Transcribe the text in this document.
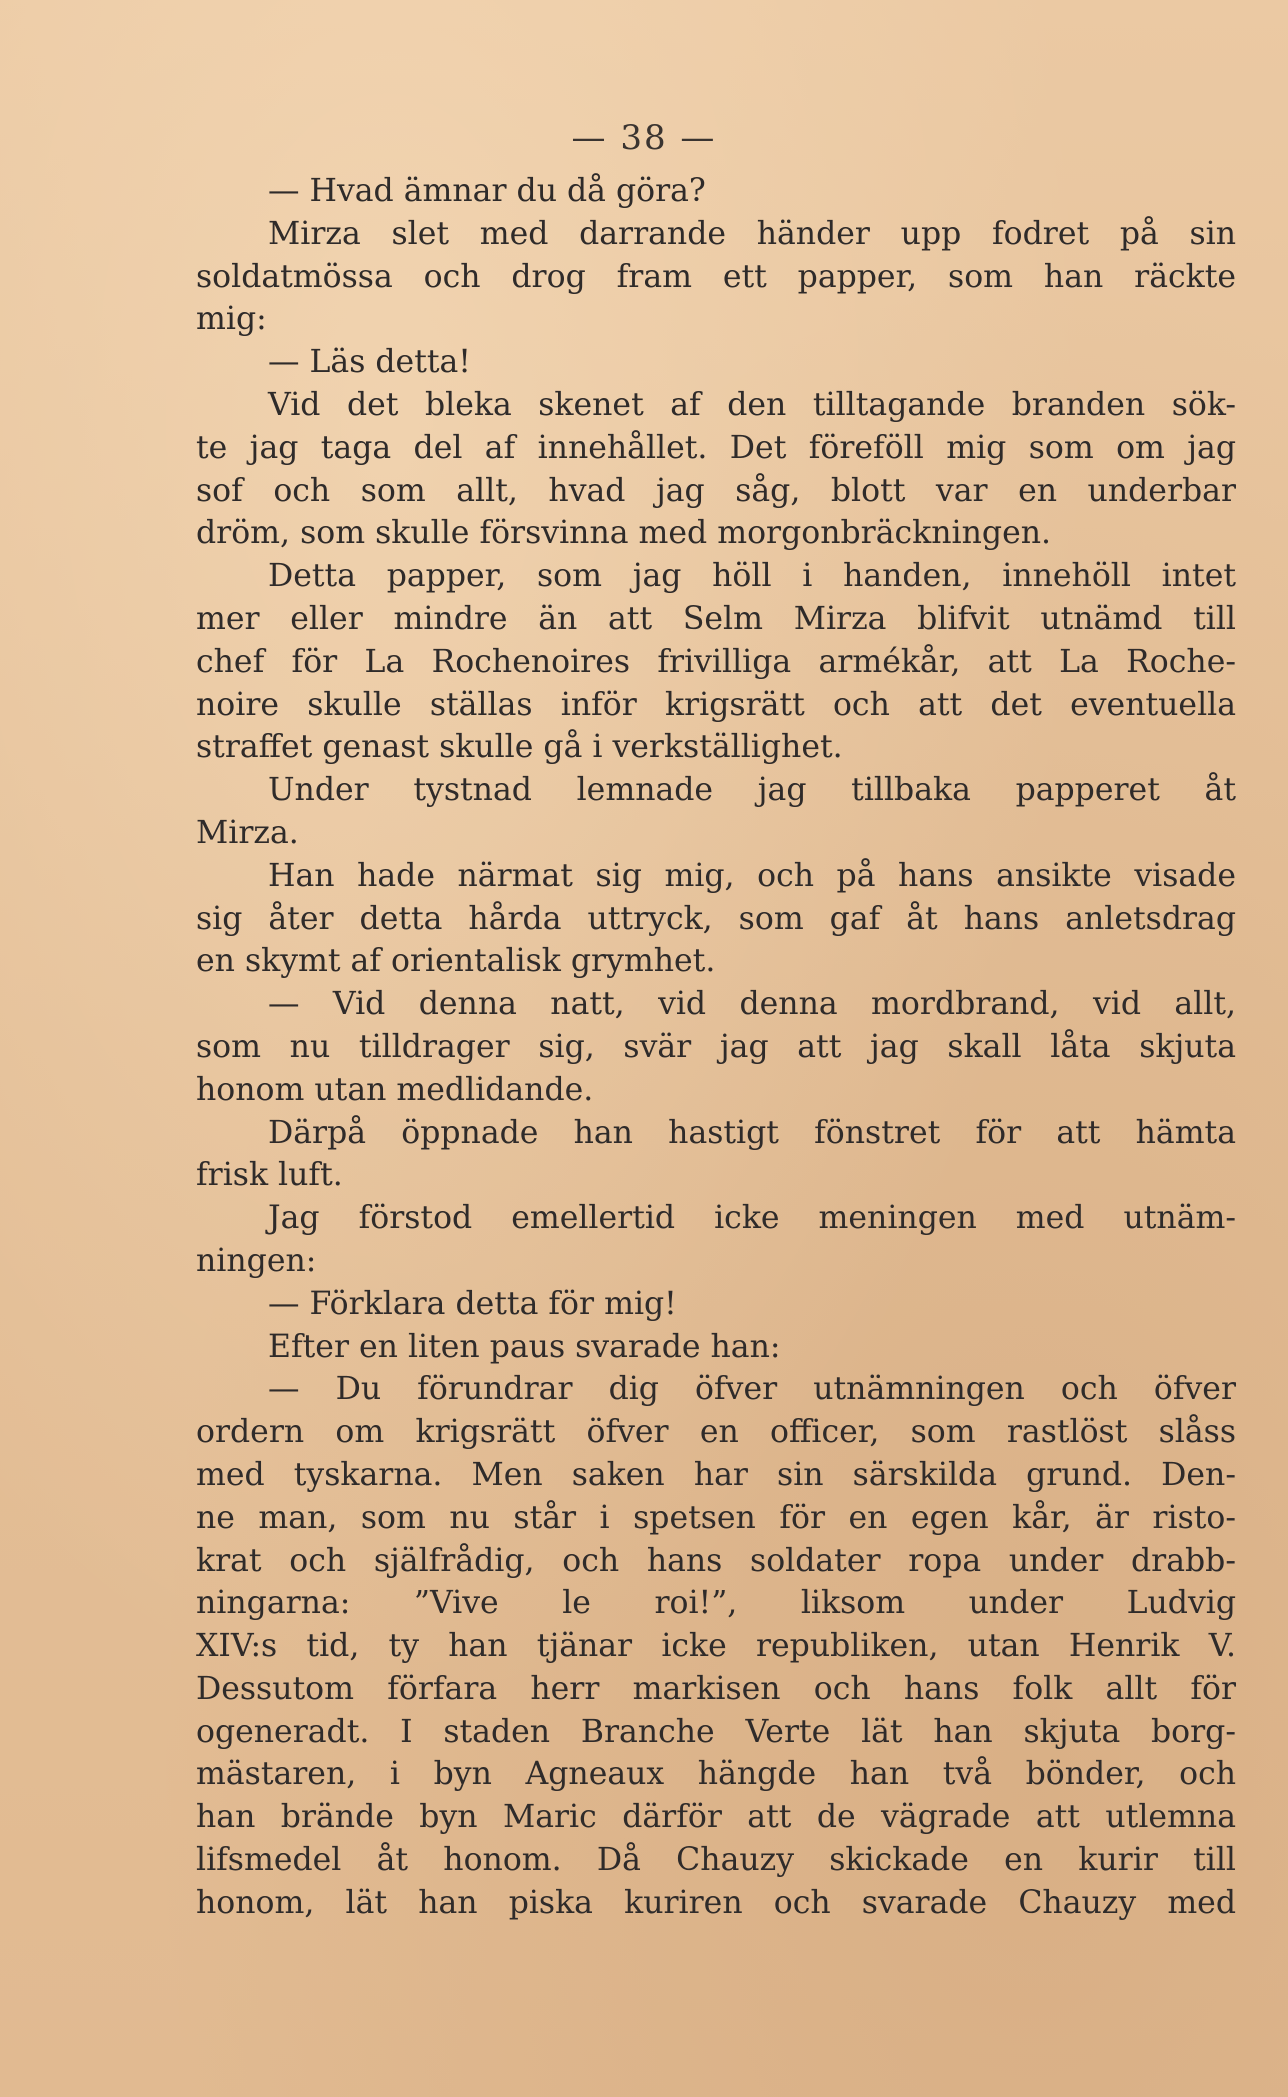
— 38 —
— Hvad ämnar du då göra?
Mirza slet med darrande händer upp fodret på sin
soldatmössa och drog fram ett papper, som han räckte
mig:
— Läs detta!
Vid det bleka skenet af den tilltagande branden sök-
te jag taga del af innehållet. Det föreföll mig som om jag
sof och som allt, hvad jag såg, blott var en underbar
dröm, som skulle försvinna med morgonbräckningen.
Detta papper, som jag höll i handen, innehöll intet
mer eller mindre än att Selm Mirza blifvit utnämd till
chef för La Rochenoires frivilliga armékår, att La Roche-
noire skulle ställas inför krigsrätt och att det eventuella
straffet genast skulle gå i verkställighet.
Under tystnad lemnade jag tillbaka papperet åt
Mirza.
Han hade närmat sig mig, och på hans ansikte visade
sig åter detta hårda uttryck, som gaf åt hans anletsdrag
en skymt af orientalisk grymhet.
— Vid denna natt, vid denna mordbrand, vid allt,
som nu tilldrager sig, svär jag att jag skall låta skjuta
honom utan medlidande.
Därpå öppnade han hastigt fönstret för att hämta
frisk luft.
Jag förstod emellertid icke meningen med utnäm-
ningen:
— Förklara detta för mig!
Efter en liten paus svarade han:
— Du förundrar dig öfver utnämningen och öfver
ordern om krigsrätt öfver en officer, som rastlöst slåss
med tyskarna. Men saken har sin särskilda grund. Den-
ne man, som nu står i spetsen för en egen kår, är risto-
krat och själfrådig, och hans soldater ropa under drabb-
ningarna: ”Vive le roi!”, liksom under Ludvig
XIV:s tid, ty han tjänar icke republiken, utan Henrik V.
Dessutom förfara herr markisen och hans folk allt för
ogeneradt. I staden Branche Verte lät han skjuta borg-
mästaren, i byn Agneaux hängde han två bönder, och
han brände byn Maric därför att de vägrade att utlemna
lifsmedel åt honom. Då Chauzy skickade en kurir till
honom, lät han piska kuriren och svarade Chauzy med
